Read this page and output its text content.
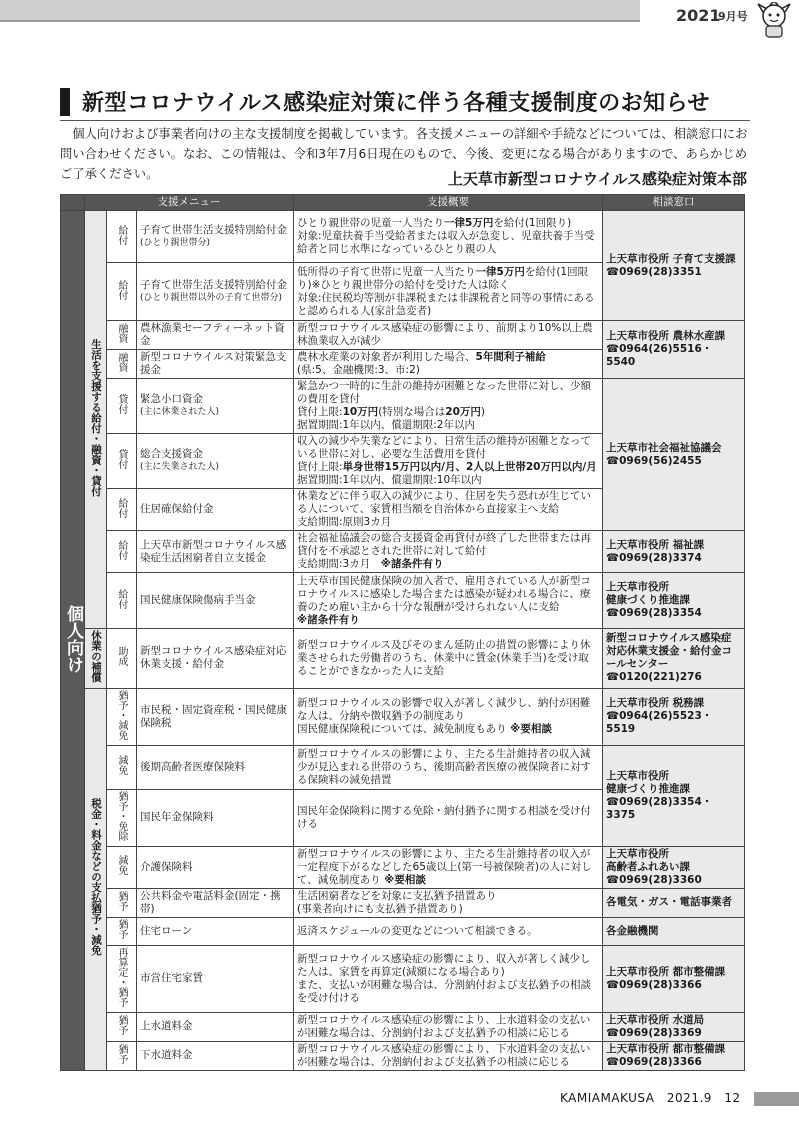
2021
9月号
新型コロナウイルス感染症対策に伴う各種支援制度のお知らせ

個人向けおよび事業者向けの主な支援制度を掲載しています。各支援メニューの詳細や手続などについては、相談窓口にお問い合わせください。なお、この情報は、令和3年7月6日現在のもので、今後、変更になる場合がありますので、あらかじめご了承ください。	上天草市新型コロナウイルス感染症対策本部
	支援メニュー			支援概要	相談窓口
個人向け	生活を支援する給付・融資・貸付	給付	子育て世帯生活支援特別給付金
(ひとり親世帯分)	ひとり親世帯の児童一人当たり一律5万円を給付(1回限り)
対象:児童扶養手当受給者または収入が急変し、児童扶養手当受給者と同じ水準になっているひとり親の人	上天草市役所 子育て支援課
☎0969(28)3351
		給付	子育て世帯生活支援特別給付金
(ひとり親世帯以外の子育て世帯分)	低所得の子育て世帯に児童一人当たり一律5万円を給付(1回限り)※ひとり親世帯分の給付を受けた人は除く
対象:住民税均等割が非課税または非課税者と同等の事情にあると認められる人(家計急変者)	
		融資	農林漁業セーフティーネット資金	新型コロナウイルス感染症の影響により、前期より10%以上農林漁業収入が減少	上天草市役所 農林水産課
☎0964(26)5516・5540
		融資	新型コロナウイルス対策緊急支援金	農林水産業の対象者が利用した場合、5年間利子補給
(県:5、金融機関:3、市:2)	
		貸付	緊急小口資金
(主に休業された人)	緊急かつ一時的に生計の維持が困難となった世帯に対し、少額の費用を貸付
貸付上限:10万円(特別な場合は20万円)
据置期間:1年以内、償還期限:2年以内	上天草市社会福祉協議会
☎0969(56)2455
		貸付	総合支援資金
(主に失業された人)	収入の減少や失業などにより、日常生活の維持が困難となっている世帯に対し、必要な生活費用を貸付
貸付上限:単身世帯15万円以内/月、2人以上世帯20万円以内/月
据置期間:1年以内、償還期限:10年以内	
		給付	住居確保給付金	休業などに伴う収入の減少により、住居を失う恐れが生じている人について、家賃相当額を自治体から直接家主へ支給
支給期間:原則3カ月	
		給付	上天草市新型コロナウイルス感染症生活困窮者自立支援金	社会福祉協議会の総合支援資金再貸付が終了した世帯または再貸付を不承認とされた世帯に対して給付
支給期間:3カ月　 ※諸条件有り	上天草市役所 福祉課
☎0969(28)3374
		給付	国民健康保険傷病手当金	上天草市国民健康保険の加入者で、雇用されている人が新型コロナウイルスに感染した場合または感染が疑われる場合に、療養のため雇い主から十分な報酬が受けられない人に支給
※諸条件有り	上天草市役所
健康づくり推進課
☎0969(28)3354
	休業の補償	助成	新型コロナウイルス感染症対応休業支援・給付金	新型コロナウイルス及びそのまん延防止の措置の影響により休業させられた労働者のうち、休業中に賃金(休業手当)を受け取ることができなかった人に支給	新型コロナウイルス感染症対応休業支援金・給付金コールセンター
☎0120(221)276
	税金・料金などの支払猶予・減免	猶予・減免	市民税・固定資産税・国民健康保険税	新型コロナウイルスの影響で収入が著しく減少し、納付が困難な人は、分納や徴収猶予の制度あり
国民健康保険税については、減免制度もあり ※要相談	上天草市役所 税務課
☎0964(26)5523・5519
		減免	後期高齢者医療保険料	新型コロナウイルスの影響により、主たる生計維持者の収入減少が見込まれる世帯のうち、後期高齢者医療の被保険者に対する保険料の減免措置	上天草市役所
健康づくり推進課
☎0969(28)3354・3375
		猶予・免除	国民年金保険料	国民年金保険料に関する免除・納付猶予に関する相談を受け付ける	
		減免	介護保険料	新型コロナウイルスの影響により、主たる生計維持者の収入が一定程度下がるなどした65歳以上(第一号被保険者)の人に対して、減免制度あり ※要相談	上天草市役所
高齢者ふれあい課
☎0969(28)3360
		猶予	公共料金や電話料金(固定・携帯)	生活困窮者などを対象に支払猶予措置あり
(事業者向けにも支払猶予措置あり)	各電気・ガス・電話事業者
		猶予	住宅ローン	返済スケジュールの変更などについて相談できる。	各金融機関
		再算定・猶予	市営住宅家賃	新型コロナウイルス感染症の影響により、収入が著しく減少した人は、家賃を再算定(減額になる場合あり)
また、支払いが困難な場合は、分割納付および支払猶予の相談を受け付ける	上天草市役所 都市整備課
☎0969(28)3366
		猶予	上水道料金	新型コロナウイルス感染症の影響により、上水道料金の支払いが困難な場合は、分割納付および支払猶予の相談に応じる	上天草市役所 水道局
☎0969(28)3369
		猶予	下水道料金	新型コロナウイルス感染症の影響により、下水道料金の支払いが困難な場合は、分割納付および支払猶予の相談に応じる	上天草市役所 都市整備課
☎0969(28)3366
KAMIAMAKUSA　2021.9　12
